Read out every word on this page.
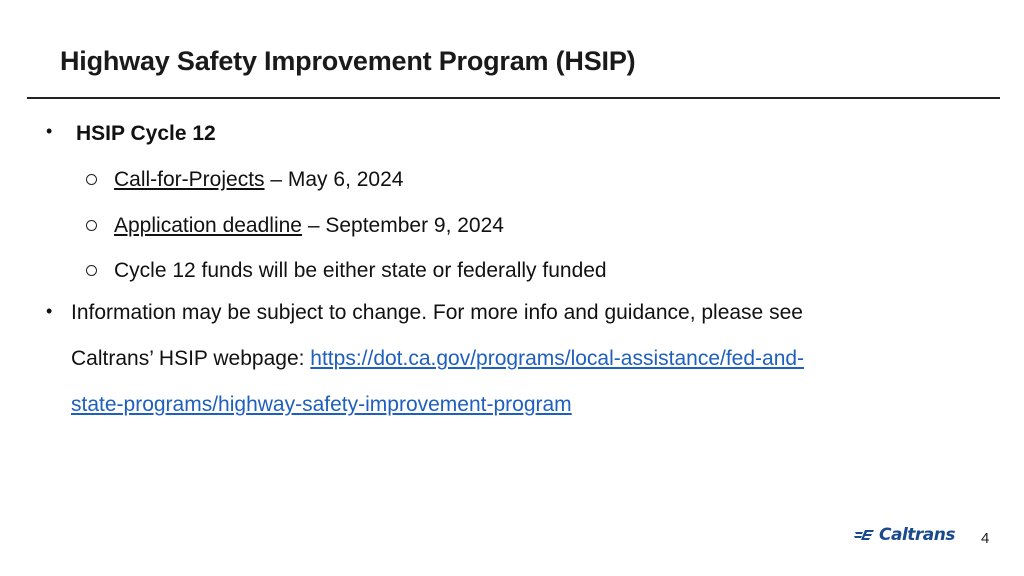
Highway Safety Improvement Program (HSIP)
• HSIP Cycle 12
Call-for-Projects – May 6, 2024
Application deadline – September 9, 2024
Cycle 12 funds will be either state or federally funded
• Information may be subject to change. For more info and guidance, please see
Caltrans’ HSIP webpage: https://dot.ca.gov/programs/local-assistance/fed-and-
state-programs/highway-safety-improvement-program
Caltrans 4
